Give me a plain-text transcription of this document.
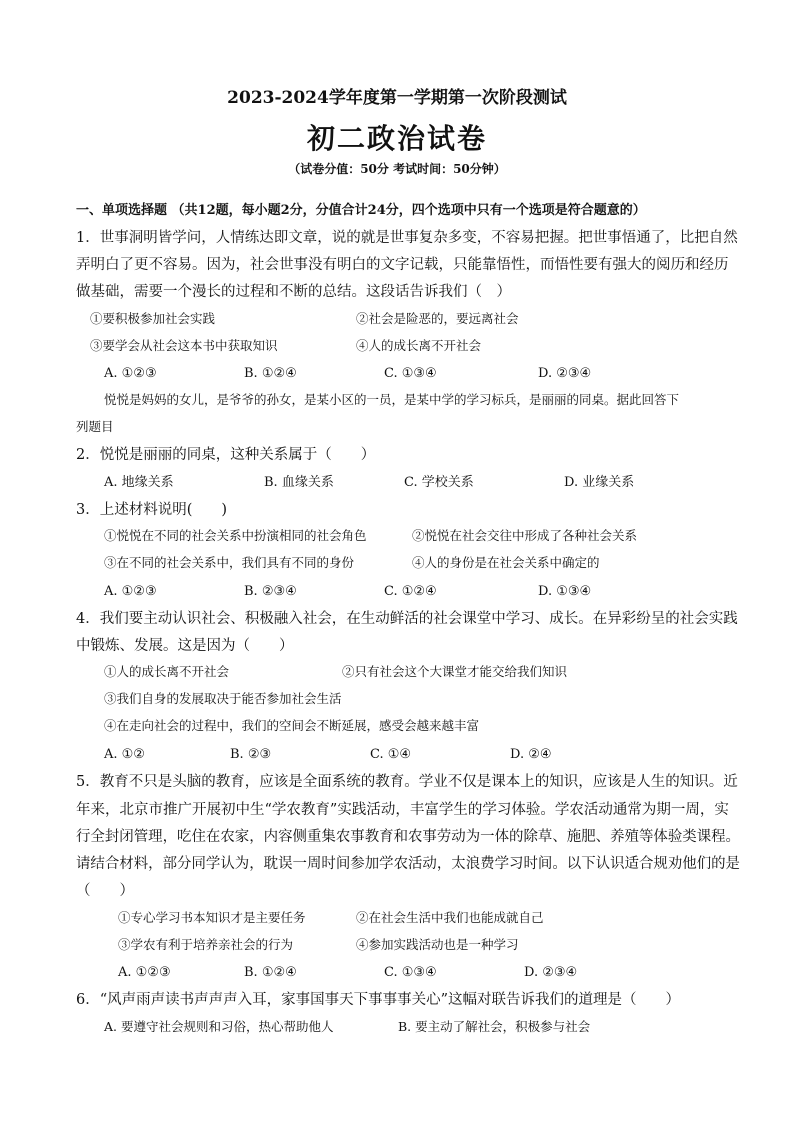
2023-2024学年度第一学期第一次阶段测试
初二政治试卷
（试卷分值：50分 考试时间：50分钟）
一、单项选择题 （共12题，每小题2分，分值合计24分，四个选项中只有一个选项是符合题意的）
1．世事洞明皆学问，人情练达即文章，说的就是世事复杂多变，不容易把握。把世事悟通了，比把自然
弄明白了更不容易。因为，社会世事没有明白的文字记载，只能靠悟性，而悟性要有强大的阅历和经历
做基础，需要一个漫长的过程和不断的总结。这段话告诉我们（　）
①要积极参加社会实践	②社会是险恶的，要远离社会
③要学会从社会这本书中获取知识	④人的成长离不开社会
A. ①②③	B. ①②④	C. ①③④	D. ②③④
悦悦是妈妈的女儿，是爷爷的孙女，是某小区的一员，是某中学的学习标兵，是丽丽的同桌。据此回答下
列题目
2．悦悦是丽丽的同桌，这种关系属于（　　）
A. 地缘关系	B. 血缘关系	C. 学校关系	D. 业缘关系
3．上述材料说明(　　)
①悦悦在不同的社会关系中扮演相同的社会角色	②悦悦在社会交往中形成了各种社会关系
③在不同的社会关系中，我们具有不同的身份	④人的身份是在社会关系中确定的
A. ①②③	B. ②③④	C. ①②④	D. ①③④
4．我们要主动认识社会、积极融入社会，在生动鲜活的社会课堂中学习、成长。在异彩纷呈的社会实践
中锻炼、发展。这是因为（　　）
①人的成长离不开社会	②只有社会这个大课堂才能交给我们知识
③我们自身的发展取决于能否参加社会生活
④在走向社会的过程中，我们的空间会不断延展，感受会越来越丰富
A. ①②	B. ②③	C. ①④	D. ②④
5．教育不只是头脑的教育，应该是全面系统的教育。学业不仅是课本上的知识，应该是人生的知识。近
年来，北京市推广开展初中生“学农教育”实践活动，丰富学生的学习体验。学农活动通常为期一周，实
行全封闭管理，吃住在农家，内容侧重集农事教育和农事劳动为一体的除草、施肥、养殖等体验类课程。
请结合材料，部分同学认为，耽误一周时间参加学农活动，太浪费学习时间。以下认识适合规劝他们的是
（　　）
①专心学习书本知识才是主要任务	②在社会生活中我们也能成就自己
③学农有利于培养亲社会的行为	④参加实践活动也是一种学习
A. ①②③	B. ①②④	C. ①③④	D. ②③④
6．“风声雨声读书声声声入耳，家事国事天下事事事关心”这幅对联告诉我们的道理是（　　）
A. 要遵守社会规则和习俗，热心帮助他人	B. 要主动了解社会，积极参与社会
